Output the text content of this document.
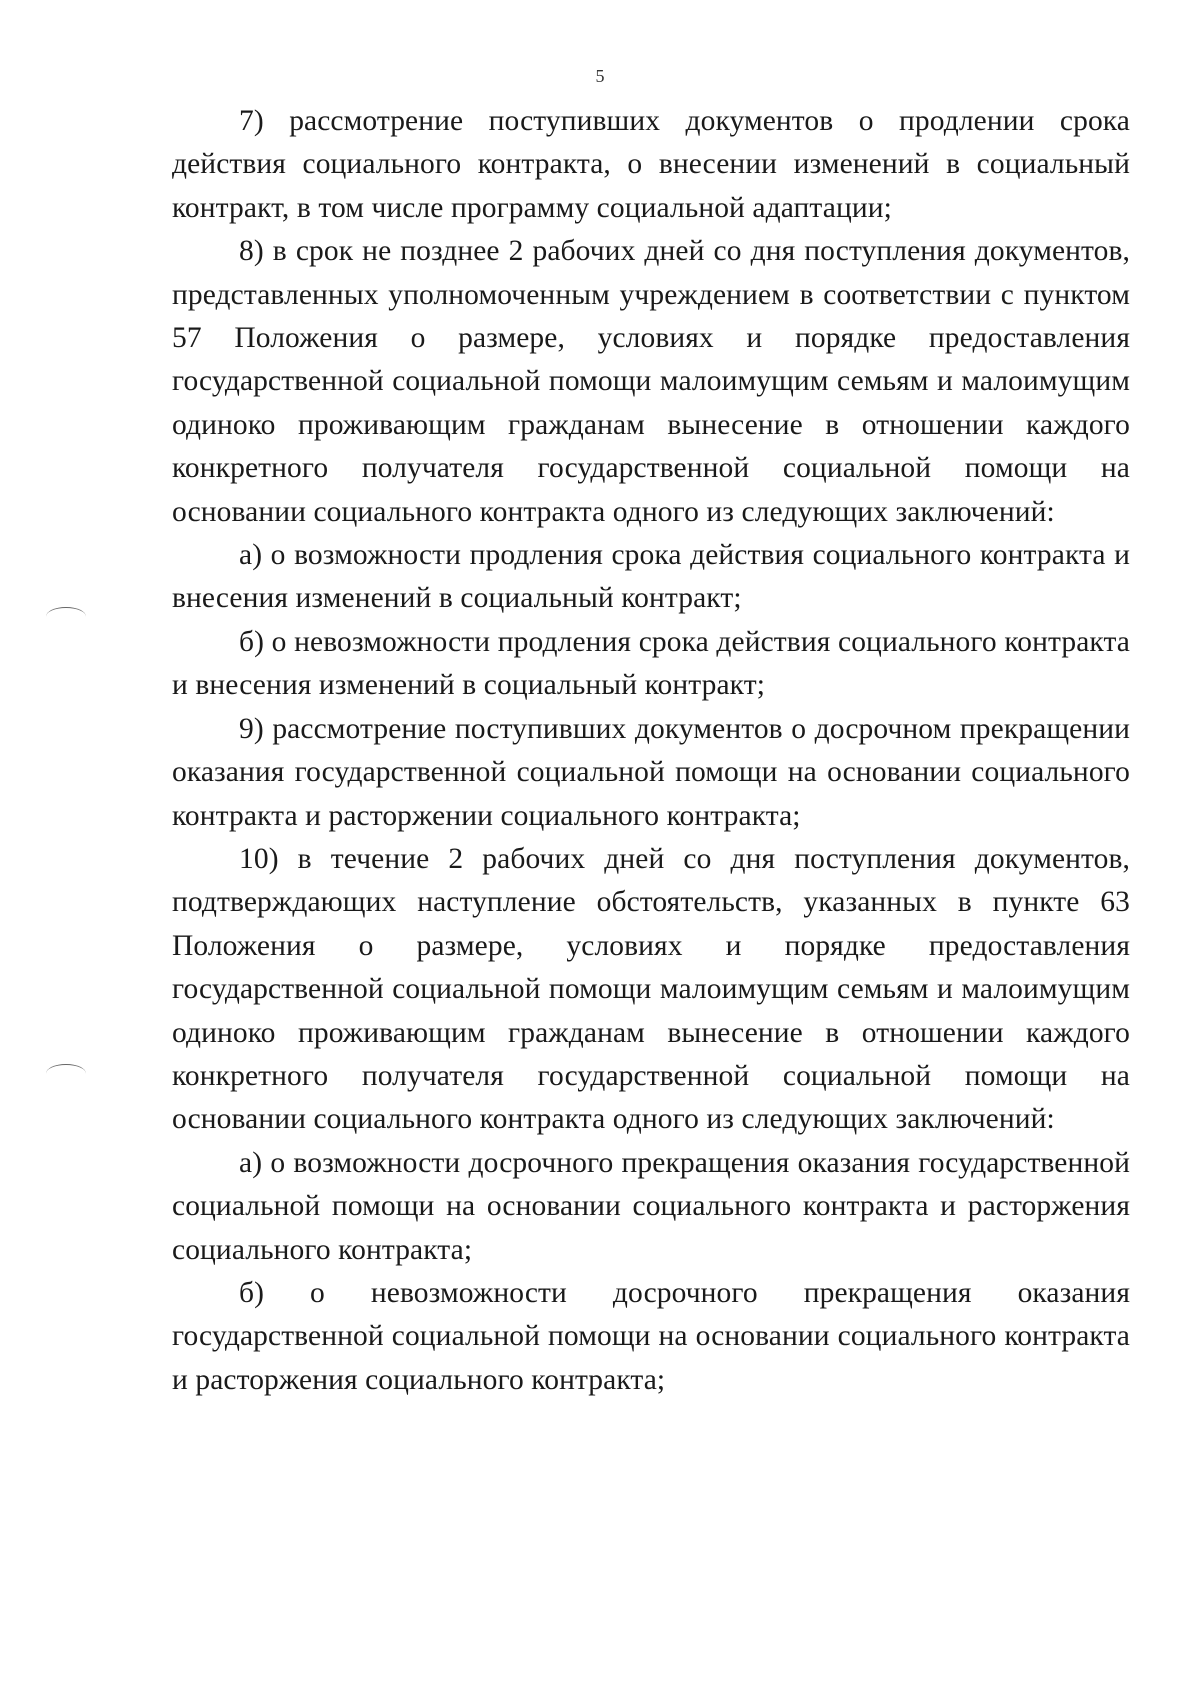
5

7) рассмотрение поступивших документов о продлении срока действия социального контракта, о внесении изменений в социальный контракт, в том числе программу социальной адаптации;

8) в срок не позднее 2 рабочих дней со дня поступления документов, представленных уполномоченным учреждением в соответствии с пунктом 57 Положения о размере, условиях и порядке предоставления государственной социальной помощи малоимущим семьям и малоимущим одиноко проживающим гражданам вынесение в отношении каждого конкретного получателя государственной социальной помощи на основании социального контракта одного из следующих заключений:

а) о возможности продления срока действия социального контракта и внесения изменений в социальный контракт;

б) о невозможности продления срока действия социального контракта и внесения изменений в социальный контракт;

9) рассмотрение поступивших документов о досрочном прекращении оказания государственной социальной помощи на основании социального контракта и расторжении социального контракта;

10) в течение 2 рабочих дней со дня поступления документов, подтверждающих наступление обстоятельств, указанных в пункте 63 Положения о размере, условиях и порядке предоставления государственной социальной помощи малоимущим семьям и малоимущим одиноко проживающим гражданам вынесение в отношении каждого конкретного получателя государственной социальной помощи на основании социального контракта одного из следующих заключений:

а) о возможности досрочного прекращения оказания государственной социальной помощи на основании социального контракта и расторжения социального контракта;

б) о невозможности досрочного прекращения оказания государственной социальной помощи на основании социального контракта и расторжения социального контракта;
